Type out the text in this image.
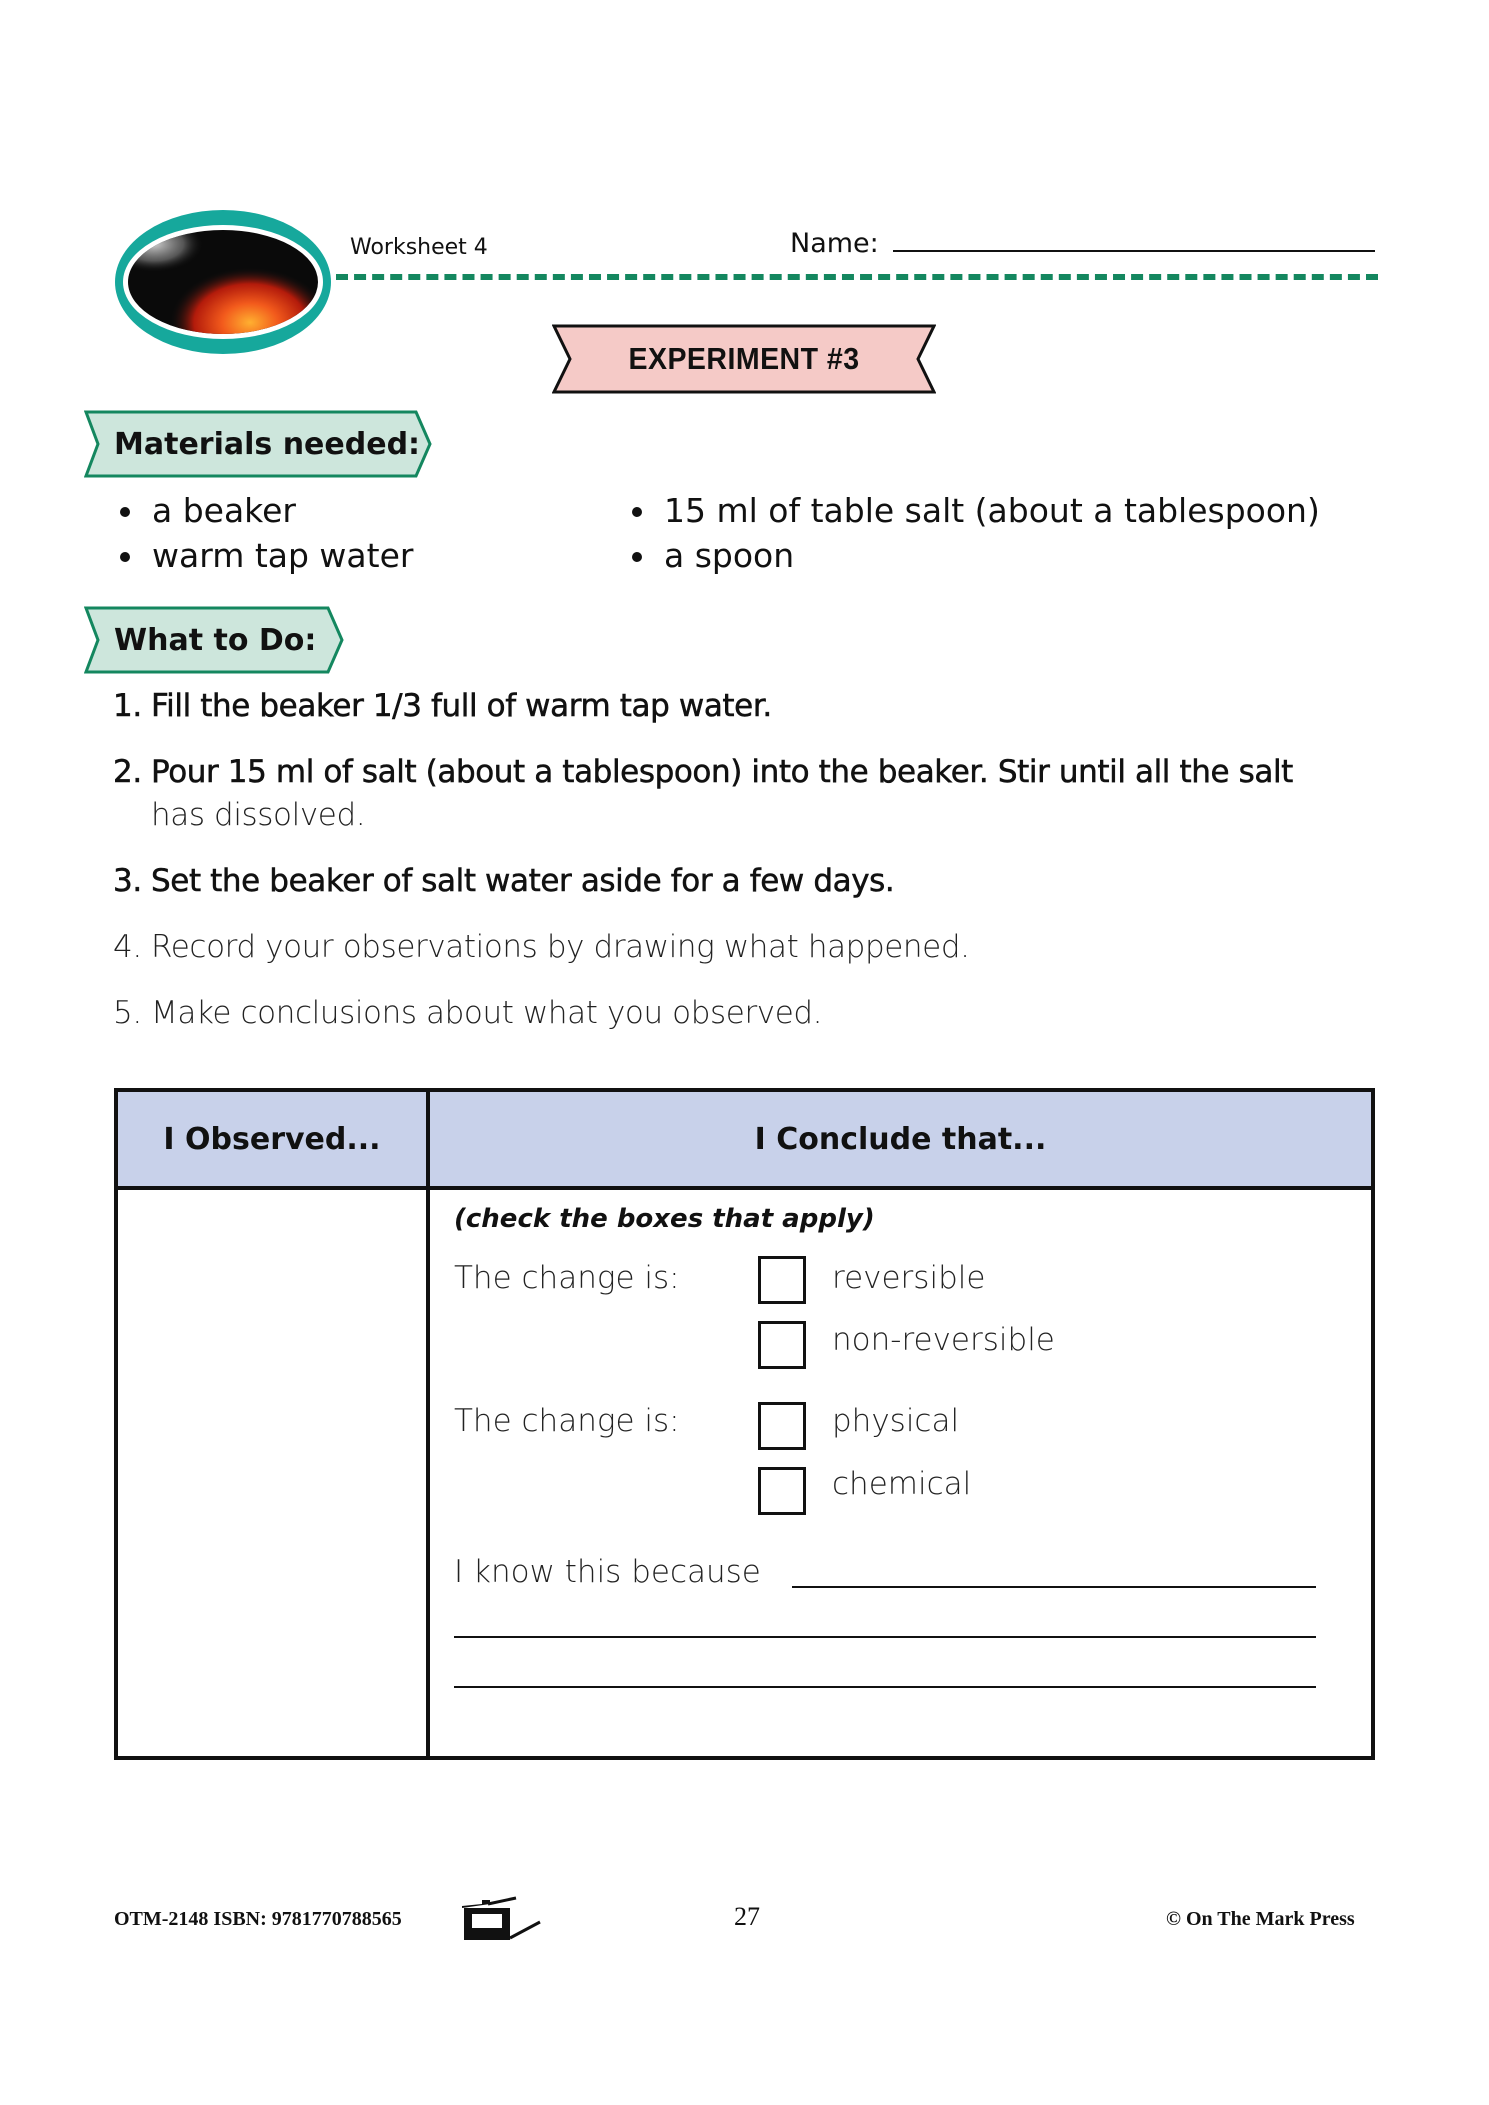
Worksheet 4	Name:
EXPERIMENT #3
Materials needed:
a beaker
warm tap water
15 ml of table salt (about a tablespoon)
a spoon
What to Do:
1. Fill the beaker 1/3 full of warm tap water.
2. Pour 15 ml of salt (about a tablespoon) into the beaker. Stir until all the salt
has dissolved.
3. Set the beaker of salt water aside for a few days.
4. Record your observations by drawing what happened.
5. Make conclusions about what you observed.
I Observed...	I Conclude that...
(check the boxes that apply)
The change is:	reversible
non-reversible
The change is:	physical
chemical
I know this because
OTM-2148 ISBN: 9781770788565	27	© On The Mark Press
